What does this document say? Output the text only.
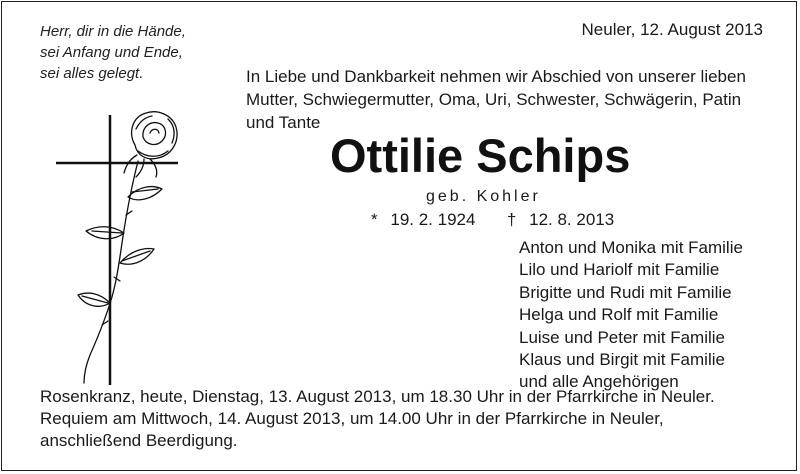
Herr, dir in die Hände,
sei Anfang und Ende,
sei alles gelegt.
Neuler, 12. August 2013
In Liebe und Dankbarkeit nehmen wir Abschied von unserer lieben
Mutter, Schwiegermutter, Oma, Uri, Schwester, Schwägerin, Patin
und Tante
Ottilie Schips
geb. Kohler
* 19. 2. 1924 † 12. 8. 2013
Anton und Monika mit Familie
Lilo und Hariolf mit Familie
Brigitte und Rudi mit Familie
Helga und Rolf mit Familie
Luise und Peter mit Familie
Klaus und Birgit mit Familie
und alle Angehörigen
Rosenkranz, heute, Dienstag, 13. August 2013, um 18.30 Uhr in der Pfarrkirche in Neuler.
Requiem am Mittwoch, 14. August 2013, um 14.00 Uhr in der Pfarrkirche in Neuler,
anschließend Beerdigung.
